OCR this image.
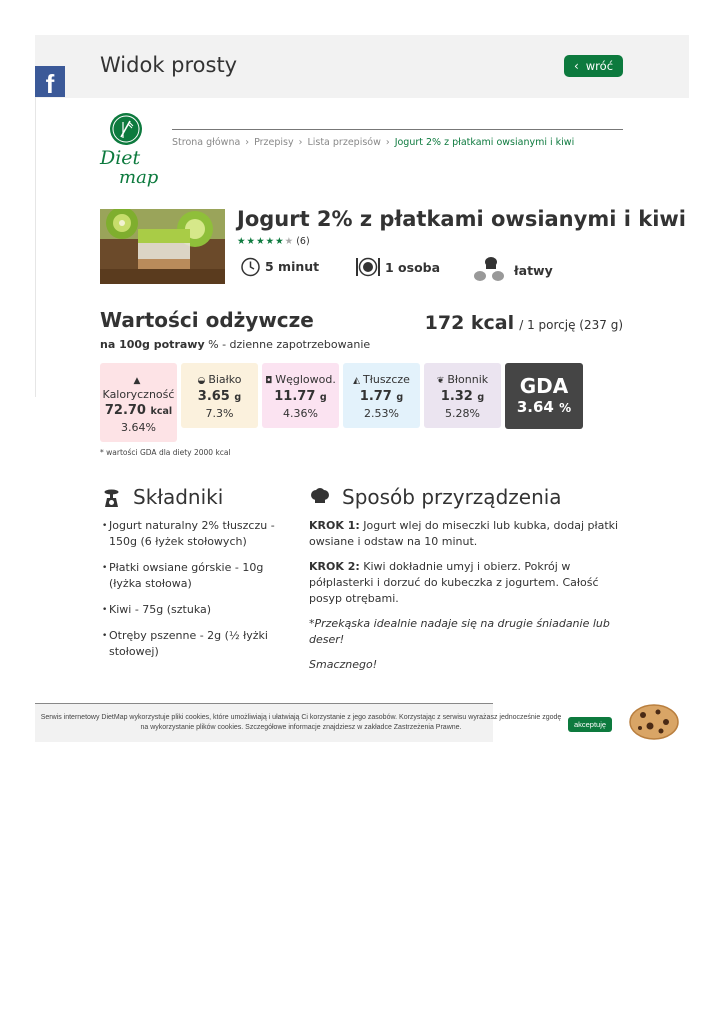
Widok prosty	‹ wróć
f
Diet
map
Strona główna › Przepisy › Lista przepisów › Jogurt 2% z płatkami owsianymi i kiwi
Jogurt 2% z płatkami owsianymi i kiwi
★ ★ ★ ★ ★ ★ (6)
5 minut	1 osoba	łatwy
Wartości odżywcze	172 kcal / 1 porcję (237 g)

na 100g potrawy % - dzienne zapotrzebowanie

▲
Kaloryczność
72.70 kcal
3.64%
◒ Białko
3.65 g
7.3%
◘ Węglowod.
11.77 g
4.36%
◭ Tłuszcze
1.77 g
2.53%
❦ Błonnik
1.32 g
5.28%
GDA
3.64 %

* wartości GDA dla diety 2000 kcal

Składniki
• Jogurt naturalny 2% tłuszczu - 150g (6 łyżek stołowych)
• Płatki owsiane górskie - 10g (łyżka stołowa)
• Kiwi - 75g (sztuka)
• Otręby pszenne - 2g (½ łyżki stołowej)
Sposób przyrządzenia

KROK 1: Jogurt wlej do miseczki lub kubka, dodaj płatki owsiane i odstaw na 10 minut.

KROK 2: Kiwi dokładnie umyj i obierz. Pokrój w półplasterki i dorzuć do kubeczka z jogurtem. Całość posyp otrębami.

*Przekąska idealnie nadaje się na drugie śniadanie lub deser!

Smacznego!

Serwis internetowy DietMap wykorzystuje pliki cookies, które umożliwiają i ułatwiają Ci korzystanie z jego zasobów. Korzystając z serwisu wyrażasz jednocześnie zgodę na wykorzystanie plików cookies. Szczegółowe informacje znajdziesz w zakładce Zastrzeżenia Prawne.	akceptuję
